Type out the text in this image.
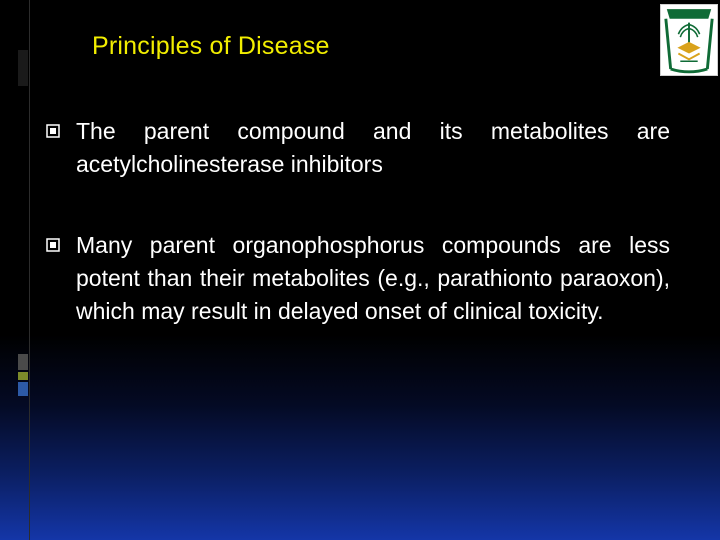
Principles of Disease
The parent compound and its metabolites are acetylcholinesterase inhibitors
Many parent organophosphorus compounds are less potent than their metabolites (e.g., parathionto paraoxon), which may result in delayed onset of clinical toxicity.
